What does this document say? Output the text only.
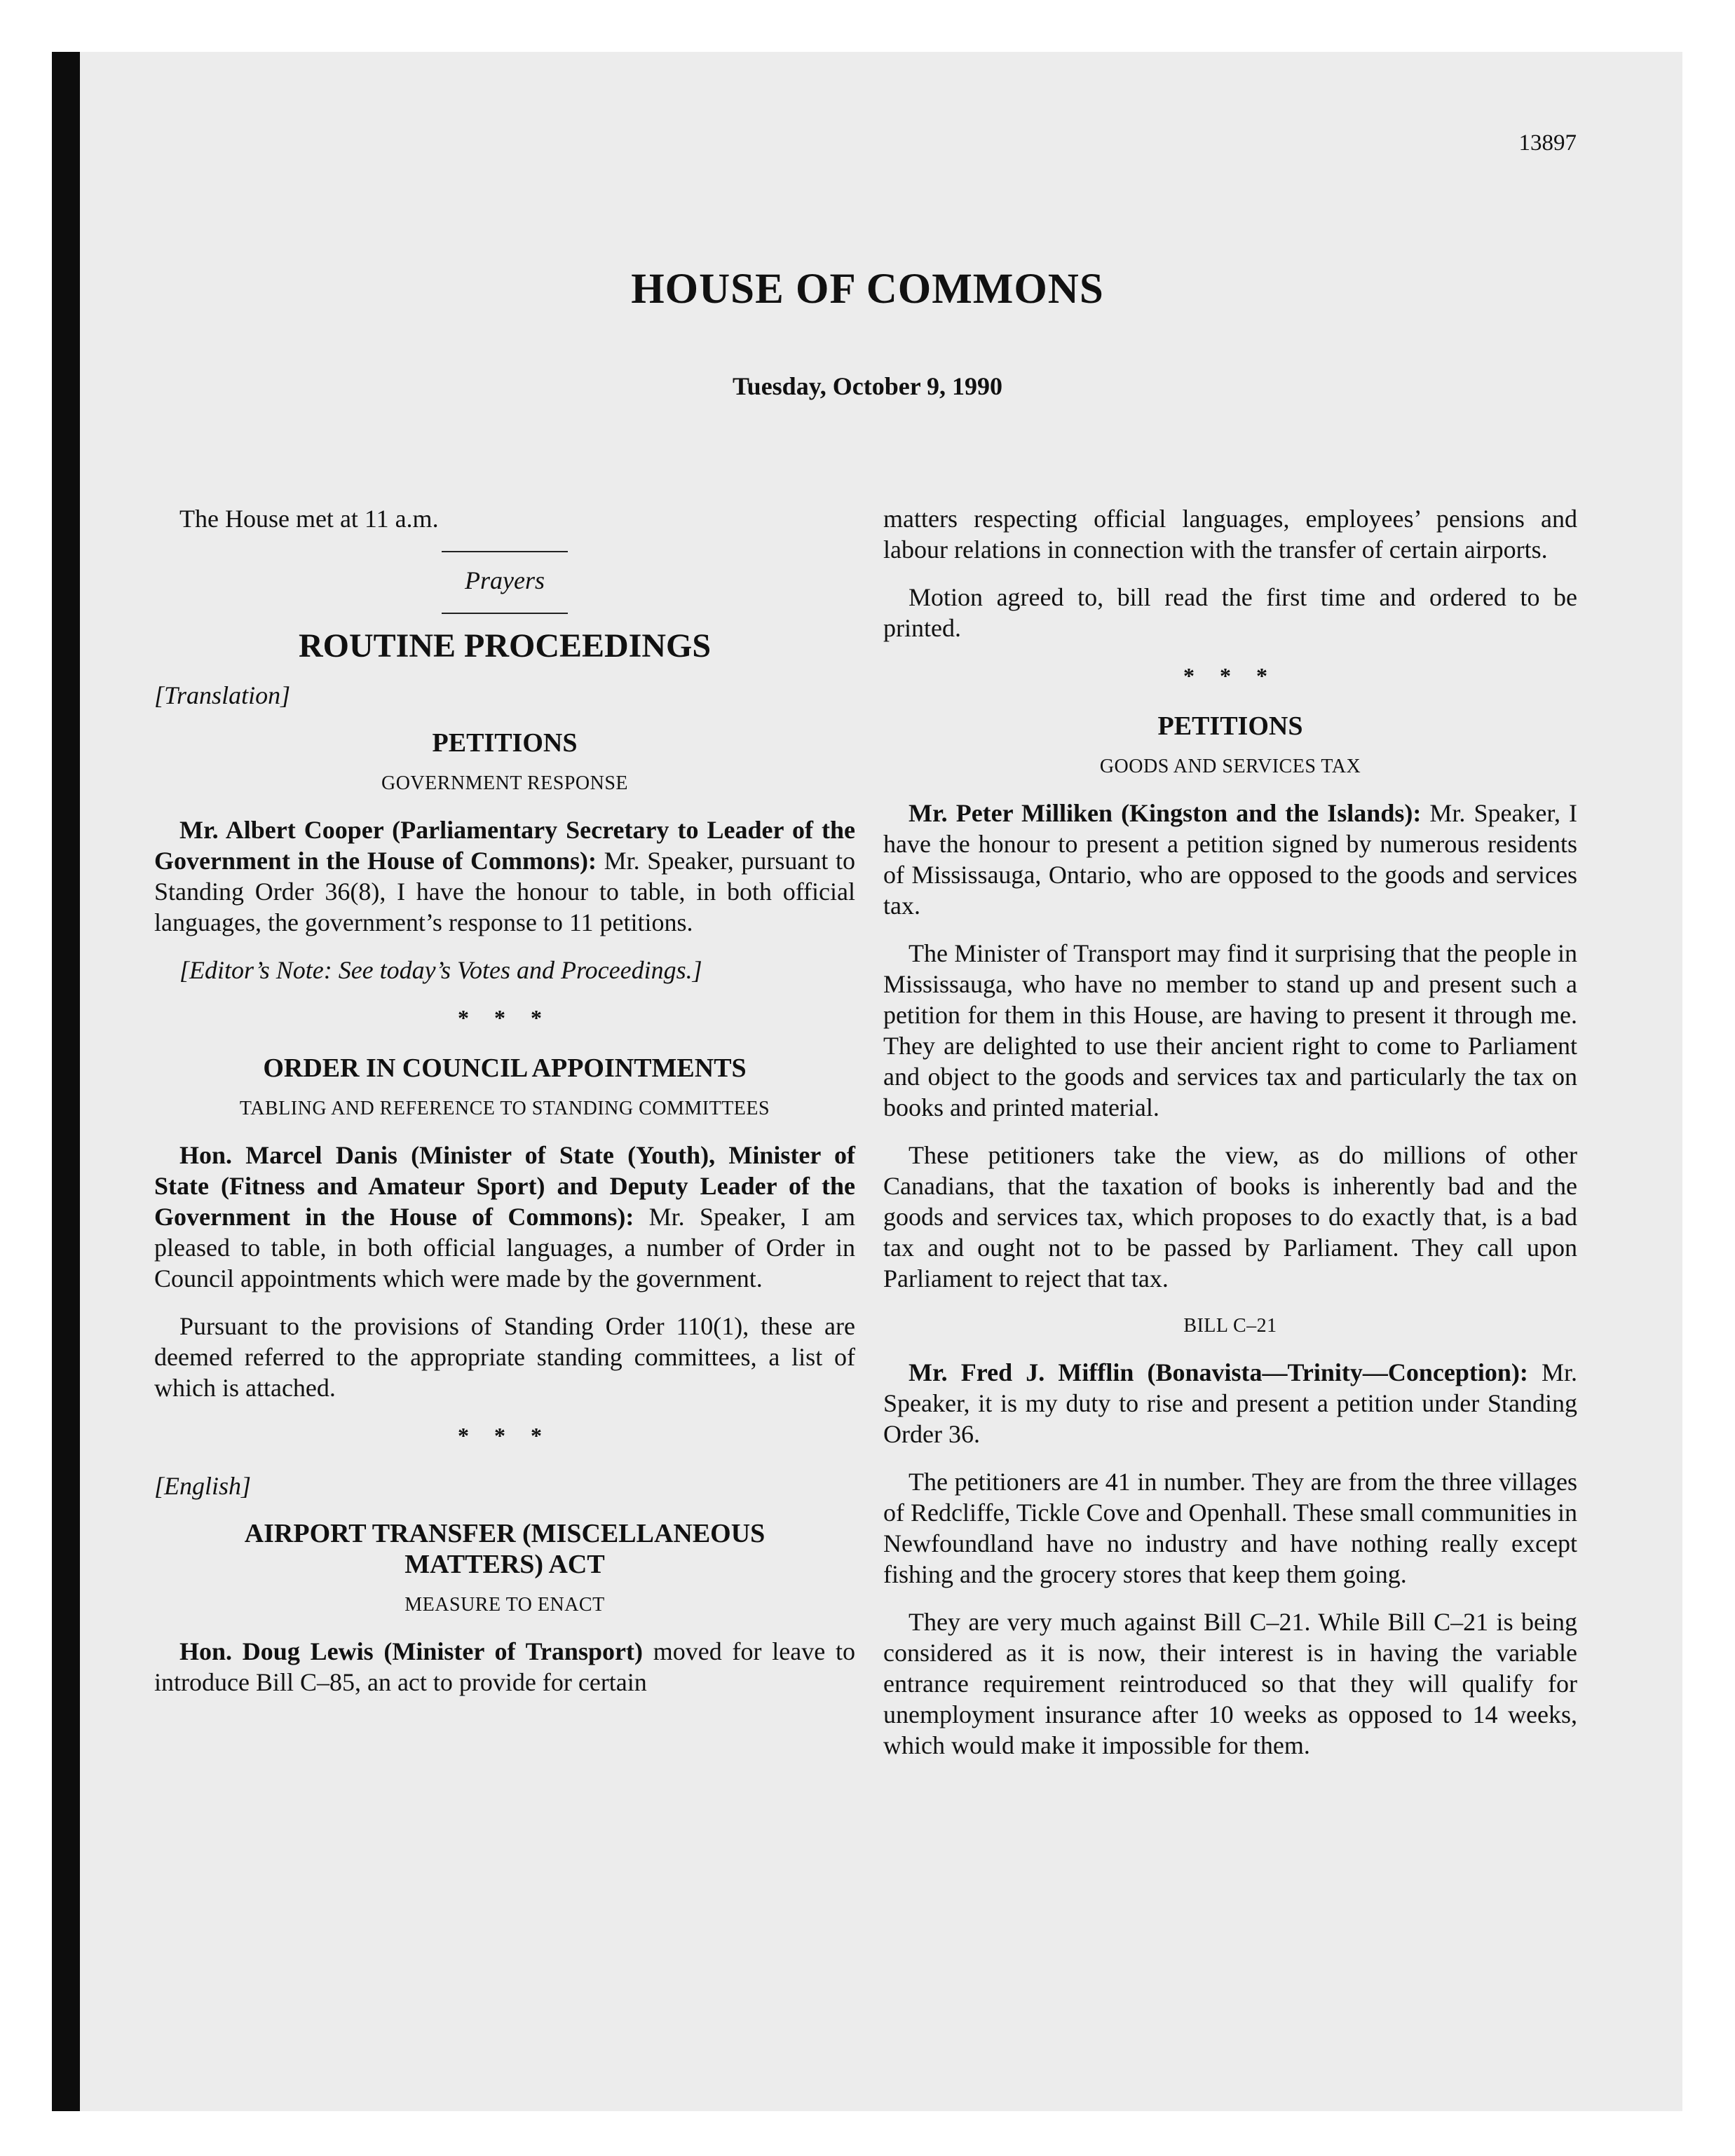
13897
HOUSE OF COMMONS
Tuesday, October 9, 1990

The House met at 11 a.m.

Prayers

ROUTINE PROCEEDINGS

[Translation]

PETITIONS
GOVERNMENT RESPONSE

Mr. Albert Cooper (Parliamentary Secretary to Leader of the Government in the House of Commons): Mr. Speaker, pursuant to Standing Order 36(8), I have the honour to table, in both official languages, the government’s response to 11 petitions.

[Editor’s Note: See today’s Votes and Proceedings.]

* * *
ORDER IN COUNCIL APPOINTMENTS
TABLING AND REFERENCE TO STANDING COMMITTEES

Hon. Marcel Danis (Minister of State (Youth), Minister of State (Fitness and Amateur Sport) and Deputy Leader of the Government in the House of Commons): Mr. Speaker, I am pleased to table, in both official languages, a number of Order in Council appointments which were made by the government.

Pursuant to the provisions of Standing Order 110(1), these are deemed referred to the appropriate standing committees, a list of which is attached.

* * *

[English]

AIRPORT TRANSFER (MISCELLANEOUS MATTERS) ACT
MEASURE TO ENACT

Hon. Doug Lewis (Minister of Transport) moved for leave to introduce Bill C–85, an act to provide for certain

matters respecting official languages, employees’ pensions and labour relations in connection with the transfer of certain airports.

Motion agreed to, bill read the first time and ordered to be printed.

* * *
PETITIONS
GOODS AND SERVICES TAX

Mr. Peter Milliken (Kingston and the Islands): Mr. Speaker, I have the honour to present a petition signed by numerous residents of Mississauga, Ontario, who are opposed to the goods and services tax.

The Minister of Transport may find it surprising that the people in Mississauga, who have no member to stand up and present such a petition for them in this House, are having to present it through me. They are delighted to use their ancient right to come to Parliament and object to the goods and services tax and particularly the tax on books and printed material.

These petitioners take the view, as do millions of other Canadians, that the taxation of books is inherently bad and the goods and services tax, which proposes to do exactly that, is a bad tax and ought not to be passed by Parliament. They call upon Parliament to reject that tax.

BILL C–21

Mr. Fred J. Mifflin (Bonavista—Trinity—Conception): Mr. Speaker, it is my duty to rise and present a petition under Standing Order 36.

The petitioners are 41 in number. They are from the three villages of Redcliffe, Tickle Cove and Openhall. These small communities in Newfoundland have no industry and have nothing really except fishing and the grocery stores that keep them going.

They are very much against Bill C–21. While Bill C–21 is being considered as it is now, their interest is in having the variable entrance requirement reintroduced so that they will qualify for unemployment insurance after 10 weeks as opposed to 14 weeks, which would make it impossible for them.
